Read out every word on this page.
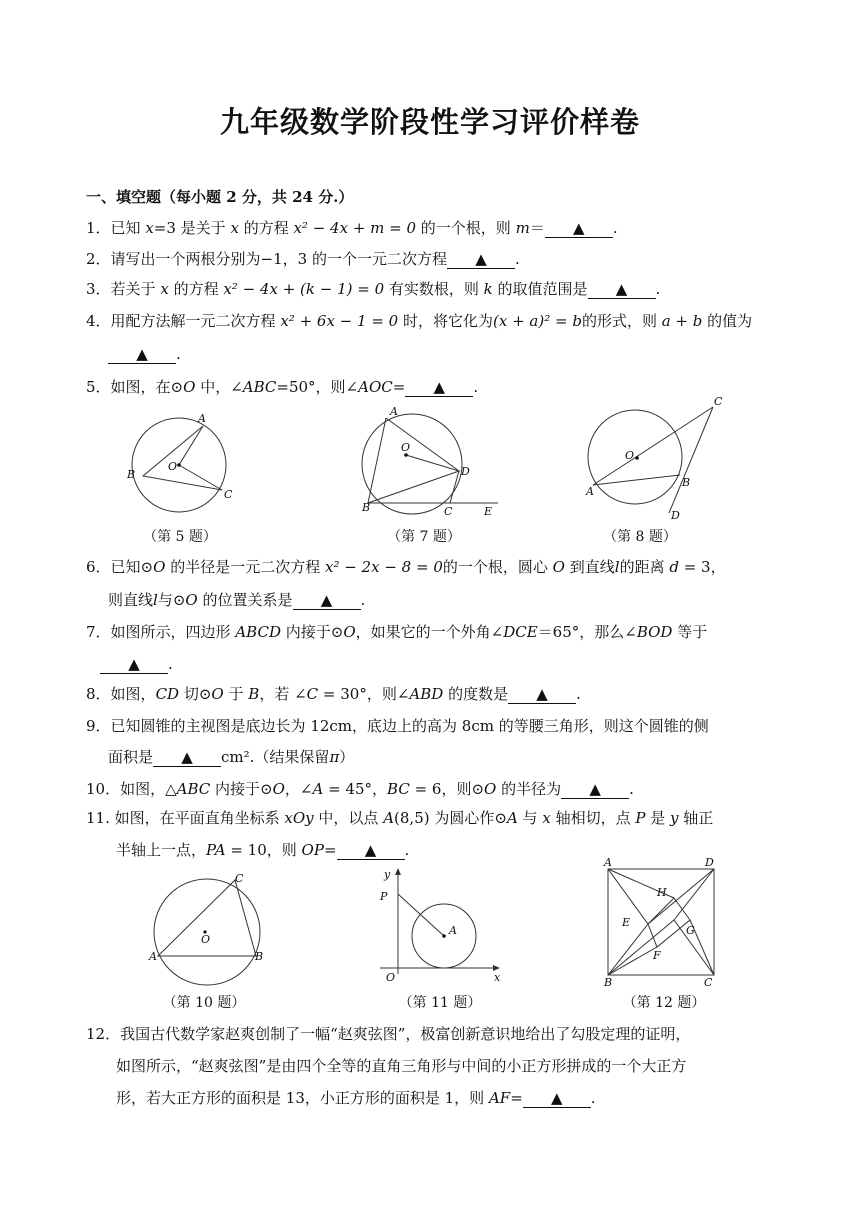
九年级数学阶段性学习评价样卷
一、填空题（每小题 2 分，共 24 分.）
1．已知 x=3 是关于 x 的方程 x² − 4x + m = 0 的一个根，则 m＝ ▲ .
2．请写出一个两根分别为−1，3 的一个一元二次方程 ▲ .
3．若关于 x 的方程 x² − 4x + (k − 1) = 0 有实数根，则 k 的取值范围是 ▲ .
4．用配方法解一元二次方程 x² + 6x − 1 = 0 时，将它化为(x + a)² = b的形式，则 a + b 的值为
▲ .
5．如图，在⊙O 中，∠ABC=50°，则∠AOC= ▲ .
A
B
O
C
A
O
D
B	C	E
C
O
A
B
D
（第 5 题）	（第 7 题）	（第 8 题）
6．已知⊙O 的半径是一元二次方程 x² − 2x − 8 = 0的一个根，圆心 O 到直线l的距离 d = 3，
则直线l与⊙O 的位置关系是 ▲ .
7．如图所示，四边形 ABCD 内接于⊙O，如果它的一个外角∠DCE＝65°，那么∠BOD 等于
▲ .
8．如图，CD 切⊙O 于 B，若 ∠C = 30°，则∠ABD 的度数是 ▲ .
9．已知圆锥的主视图是底边长为 12cm，底边上的高为 8cm 的等腰三角形，则这个圆锥的侧
面积是 ▲ cm².（结果保留π）
10．如图，△ABC 内接于⊙O，∠A = 45°，BC = 6，则⊙O 的半径为 ▲ .
11. 如图，在平面直角坐标系 xOy 中，以点 A(8,5) 为圆心作⊙A 与 x 轴相切，点 P 是 y 轴正
半轴上一点，PA = 10，则 OP= ▲ .
C
O
A	B
y
P
A
O	x
A	D
H
E
G
F
B	C
（第 10 题）	（第 11 题）	（第 12 题）
12．我国古代数学家赵爽创制了一幅“赵爽弦图”，极富创新意识地给出了勾股定理的证明，
如图所示，“赵爽弦图”是由四个全等的直角三角形与中间的小正方形拼成的一个大正方
形，若大正方形的面积是 13，小正方形的面积是 1，则 AF= ▲ .
